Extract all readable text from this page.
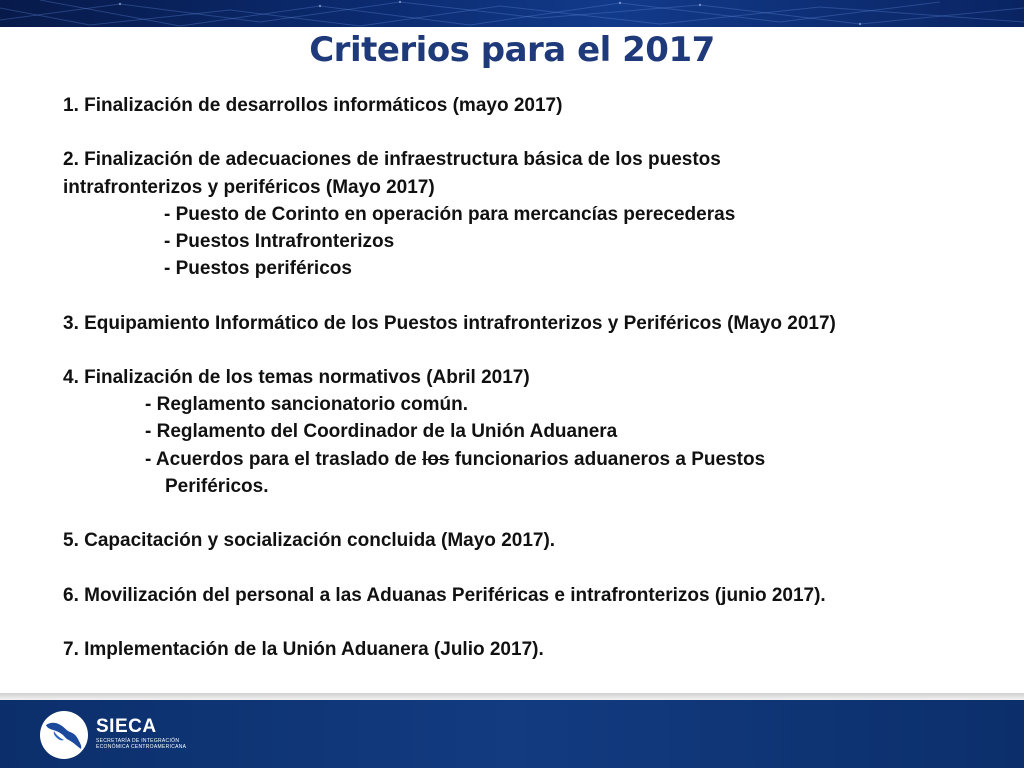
Criterios para el 2017
1. Finalización de desarrollos informáticos (mayo 2017)
2. Finalización de adecuaciones de infraestructura básica de los puestos
intrafronterizos y periféricos (Mayo 2017)
- Puesto de Corinto en operación para mercancías perecederas
- Puestos Intrafronterizos
- Puestos periféricos
3. Equipamiento Informático de los Puestos intrafronterizos y Periféricos (Mayo 2017)
4. Finalización de los temas normativos (Abril 2017)
- Reglamento sancionatorio común.
- Reglamento del Coordinador de la Unión Aduanera
- Acuerdos para el traslado de los funcionarios aduaneros a Puestos
Periféricos.
5. Capacitación y socialización concluida (Mayo 2017).
6. Movilización del personal a las Aduanas Periféricas e intrafronterizos (junio 2017).
7. Implementación de la Unión Aduanera (Julio 2017).
SIECA
SECRETARÍA DE INTEGRACIÓN
ECONÓMICA CENTROAMERICANA
